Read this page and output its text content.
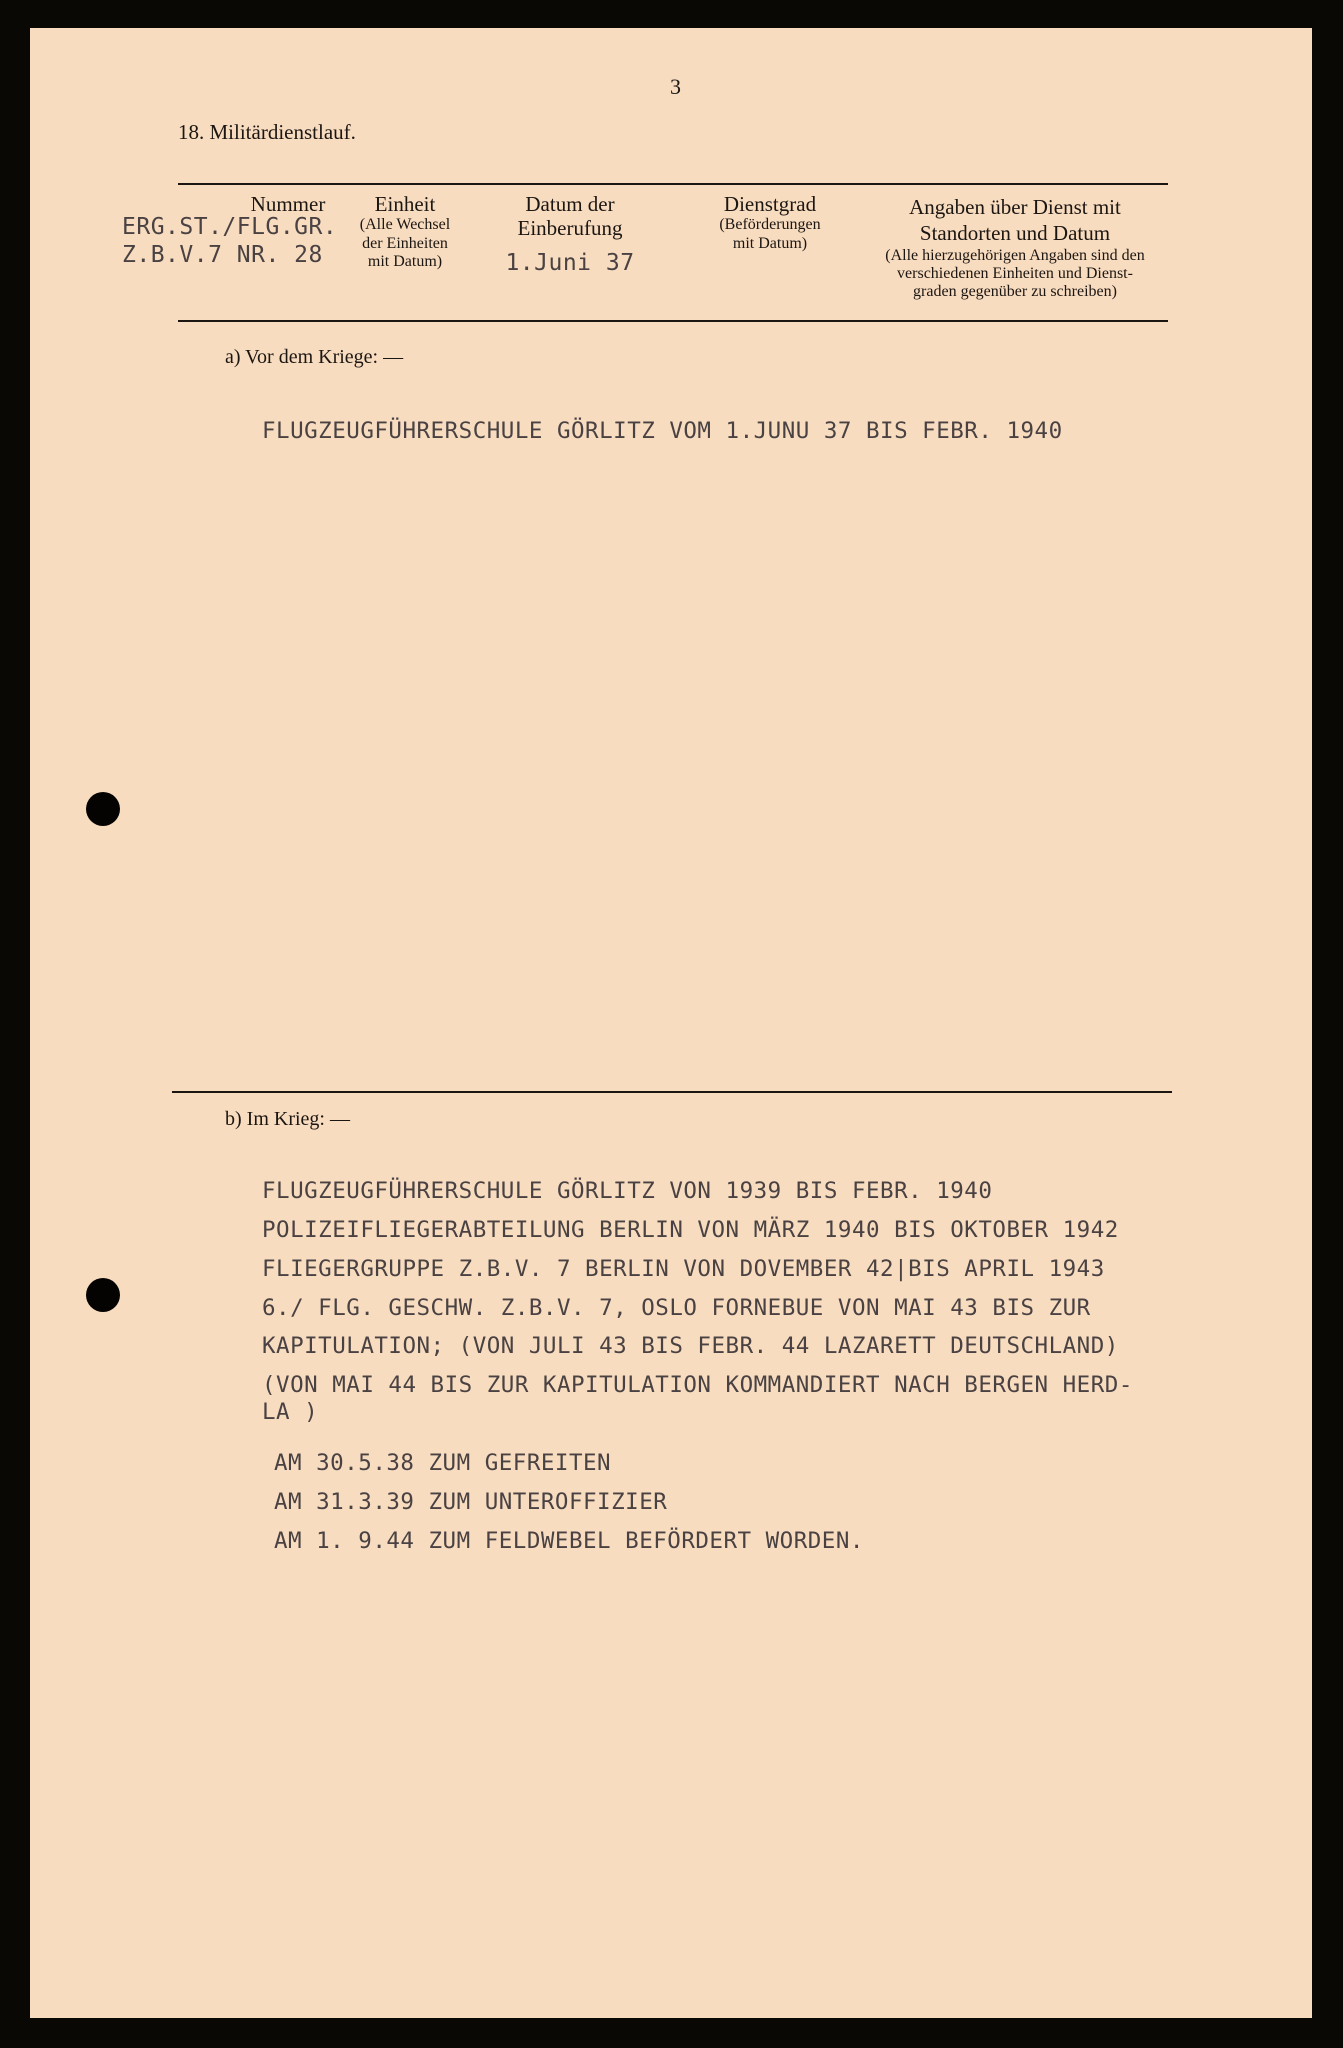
3
18. Militärdienstlauf.
Nummer	Einheit
(Alle Wechsel
der Einheiten
mit Datum)
Datum der
Einberufung
Dienstgrad
(Beförderungen
mit Datum)
Angaben über Dienst mit
Standorten und Datum
(Alle hierzugehörigen Angaben sind den
verschiedenen Einheiten und Dienst-
graden gegenüber zu schreiben)
ERG.ST./FLG.GR.
Z.B.V.7 NR. 28	1.Juni 37
a) Vor dem Kriege: —
FLUGZEUGFÜHRERSCHULE GÖRLITZ VOM 1.JUNU 37 BIS FEBR. 1940
b) Im Krieg: —
FLUGZEUGFÜHRERSCHULE GÖRLITZ VON 1939 BIS FEBR. 1940
POLIZEIFLIEGERABTEILUNG BERLIN VON MÄRZ 1940 BIS OKTOBER 1942
FLIEGERGRUPPE Z.B.V. 7 BERLIN VON DOVEMBER 42|BIS APRIL 1943
6./ FLG. GESCHW. Z.B.V. 7, OSLO FORNEBUE VON MAI 43 BIS ZUR
KAPITULATION; (VON JULI 43 BIS FEBR. 44 LAZARETT DEUTSCHLAND)
(VON MAI 44 BIS ZUR KAPITULATION KOMMANDIERT NACH BERGEN HERD-
LA )
AM 30.5.38 ZUM GEFREITEN
AM 31.3.39 ZUM UNTEROFFIZIER
AM 1. 9.44 ZUM FELDWEBEL BEFÖRDERT WORDEN.
